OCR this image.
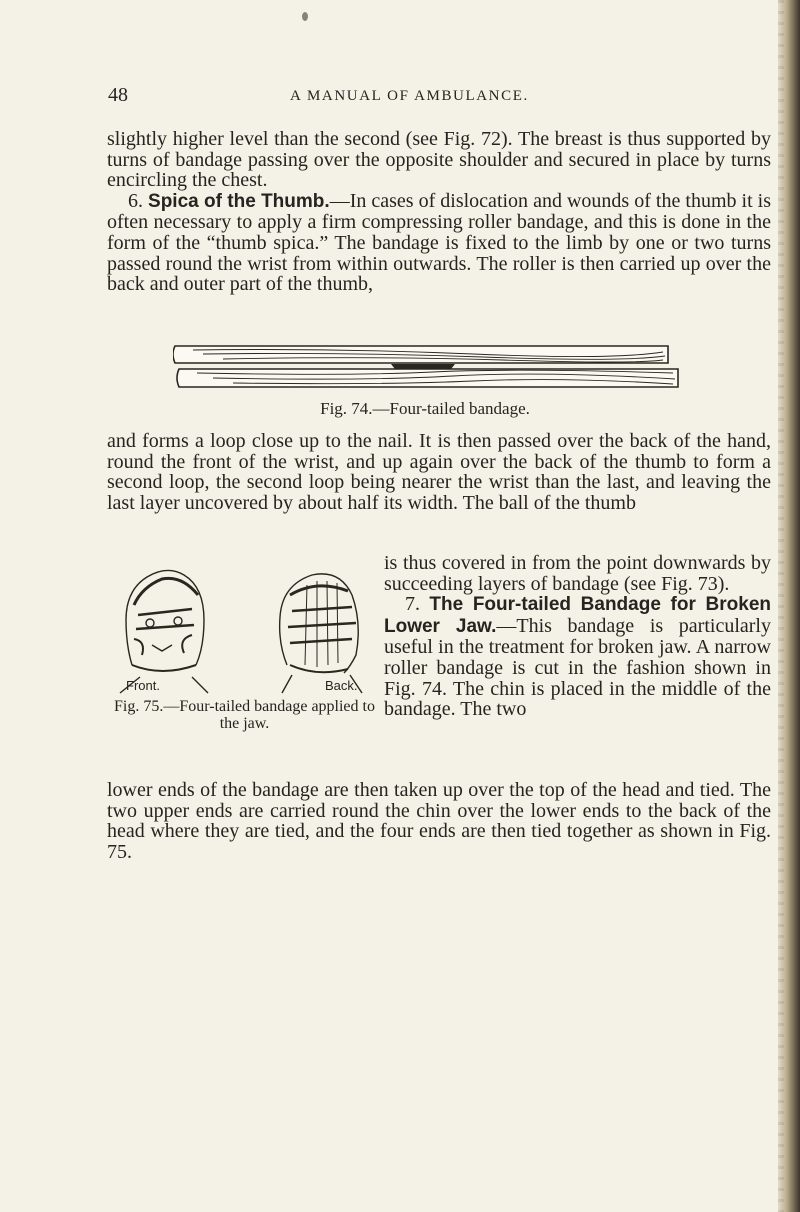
48	A MANUAL OF AMBULANCE.

slightly higher level than the second (see Fig. 72). The breast is thus supported by turns of bandage passing over the opposite shoulder and secured in place by turns encircling the chest.

6. Spica of the Thumb.—In cases of dislocation and wounds of the thumb it is often necessary to apply a firm compressing roller bandage, and this is done in the form of the “thumb spica.” The bandage is fixed to the limb by one or two turns passed round the wrist from within outwards. The roller is then carried up over the back and outer part of the thumb,

Fig. 74.—Four-tailed bandage.
and forms a loop close up to the nail. It is then passed over the back of the hand, round the front of the wrist, and up again over the back of the thumb to form a second loop, the second loop being nearer the wrist than the last, and leaving the last layer uncovered by about half its width. The ball of the thumb
Front.	Back.
Fig. 75.—Four-tailed bandage applied to the jaw.

is thus covered in from the point downwards by succeeding layers of bandage (see Fig. 73).

7. The Four-tailed Bandage for Broken Lower Jaw.—This bandage is particularly useful in the treatment for broken jaw. A narrow roller bandage is cut in the fashion shown in Fig. 74. The chin is placed in the middle of the bandage. The two

lower ends of the bandage are then taken up over the top of the head and tied. The two upper ends are carried round the chin over the lower ends to the back of the head where they are tied, and the four ends are then tied together as shown in Fig. 75.
